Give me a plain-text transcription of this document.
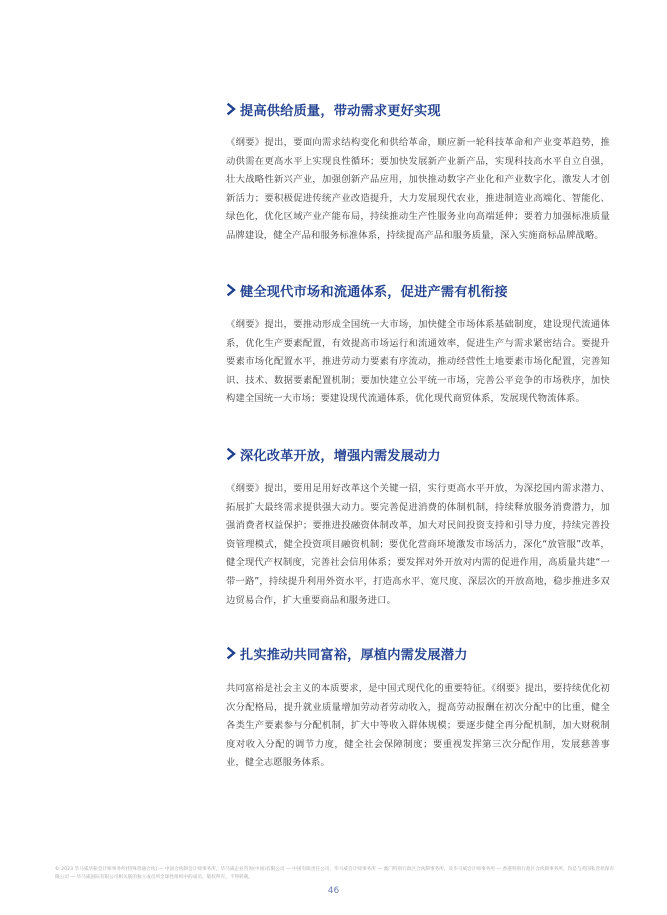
提高供给质量，带动需求更好实现

《纲要》提出，要面向需求结构变化和供给革命，顺应新一轮科技革命和产业变革趋势，推动供需在更高水平上实现良性循环；要加快发展新产业新产品，实现科技高水平自立自强，壮大战略性新兴产业，加强创新产品应用，加快推动数字产业化和产业数字化，激发人才创新活力；要积极促进传统产业改造提升，大力发展现代农业，推进制造业高端化、智能化、绿色化，优化区域产业产能布局，持续推动生产性服务业向高端延伸；要着力加强标准质量品牌建设，健全产品和服务标准体系，持续提高产品和服务质量，深入实施商标品牌战略。

健全现代市场和流通体系，促进产需有机衔接

《纲要》提出，要推动形成全国统一大市场，加快健全市场体系基础制度，建设现代流通体系，优化生产要素配置，有效提高市场运行和流通效率，促进生产与需求紧密结合。要提升要素市场化配置水平，推进劳动力要素有序流动，推动经营性土地要素市场化配置，完善知识、技术、数据要素配置机制；要加快建立公平统一市场，完善公平竞争的市场秩序，加快构建全国统一大市场；要建设现代流通体系，优化现代商贸体系，发展现代物流体系。

深化改革开放，增强内需发展动力

《纲要》提出，要用足用好改革这个关键一招，实行更高水平开放，为深挖国内需求潜力、拓展扩大最终需求提供强大动力。要完善促进消费的体制机制，持续释放服务消费潜力，加强消费者权益保护；要推进投融资体制改革，加大对民间投资支持和引导力度，持续完善投资管理模式，健全投资项目融资机制；要优化营商环境激发市场活力，深化“放管服”改革，健全现代产权制度，完善社会信用体系；要发挥对外开放对内需的促进作用，高质量共建“一带一路”，持续提升利用外资水平，打造高水平、宽尺度、深层次的开放高地，稳步推进多双边贸易合作，扩大重要商品和服务进口。

扎实推动共同富裕，厚植内需发展潜力

共同富裕是社会主义的本质要求，是中国式现代化的重要特征。《纲要》提出，要持续优化初次分配格局，提升就业质量增加劳动者劳动收入，提高劳动报酬在初次分配中的比重，健全各类生产要素参与分配机制，扩大中等收入群体规模；要逐步健全再分配机制，加大财税制度对收入分配的调节力度，健全社会保障制度；要重视发挥第三次分配作用，发展慈善事业，健全志愿服务体系。

© 2023 毕马威华振会计师事务所(特殊普通合伙) — 中国合伙制会计师事务所，毕马威企业咨询(中国)有限公司 — 中国有限责任公司，毕马威会计师事务所 — 澳门特别行政区合伙制事务所，及毕马威会计师事务所 — 香港特别行政区合伙制事务所，均是与英国私营担保有限公司 — 毕马威国际有限公司相关联的独立成员所全球性组织中的成员。版权所有，不得转载。
46
